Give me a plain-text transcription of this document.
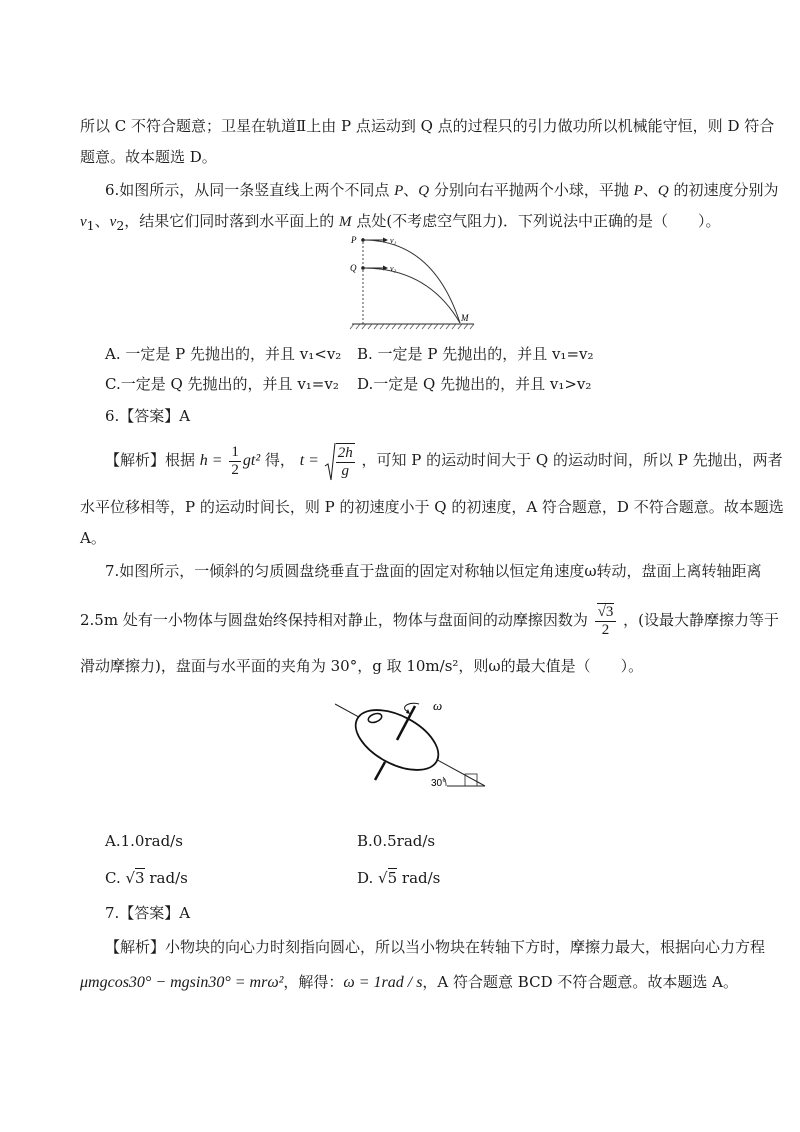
所以 C 不符合题意；卫星在轨道Ⅱ上由 P 点运动到 Q 点的过程只的引力做功所以机械能守恒，则 D 符合
题意。故本题选 D。
6.如图所示，从同一条竖直线上两个不同点 P、Q 分别向右平抛两个小球，平抛 P、Q 的初速度分别为
$v_1$、$v_2$，结果它们同时落到水平面上的 M 点处(不考虑空气阻力)．下列说法中正确的是（　　）。
P
Q
v₁
v₂
M
A. 一定是 P 先抛出的，并且 v₁<v₂ B. 一定是 P 先抛出的，并且 v₁=v₂
C.一定是 Q 先抛出的，并且 v₁=v₂ D.一定是 Q 先抛出的，并且 v₁>v₂
6.【答案】A
【解析】根据 $h = \frac{1}{2} gt^2$ 得， $t = \frac{2h}{g}$ ，可知 P 的运动时间大于 Q 的运动时间，所以 P 先抛出，两者
水平位移相等，P 的运动时间长，则 P 的初速度小于 Q 的初速度，A 符合题意，D 不符合题意。故本题选
A。
7.如图所示，一倾斜的匀质圆盘绕垂直于盘面的固定对称轴以恒定角速度ω转动，盘面上离转轴距离
2.5m 处有一小物体与圆盘始终保持相对静止，物体与盘面间的动摩擦因数为 $\frac{√3}{2}$ ，(设最大静摩擦力等于
滑动摩擦力)，盘面与水平面的夹角为 30°，g 取 10m/s²，则ω的最大值是（　　）。
30°
ω
A.1.0rad/s	B.0.5rad/s
C. √3 rad/s	D. √5 rad/s
7.【答案】A
【解析】小物块的向心力时刻指向圆心，所以当小物块在转轴下方时，摩擦力最大，根据向心力方程
μmgcos30° − mgsin30° = mrω²，解得：ω = 1rad / s，A 符合题意 BCD 不符合题意。故本题选 A。
